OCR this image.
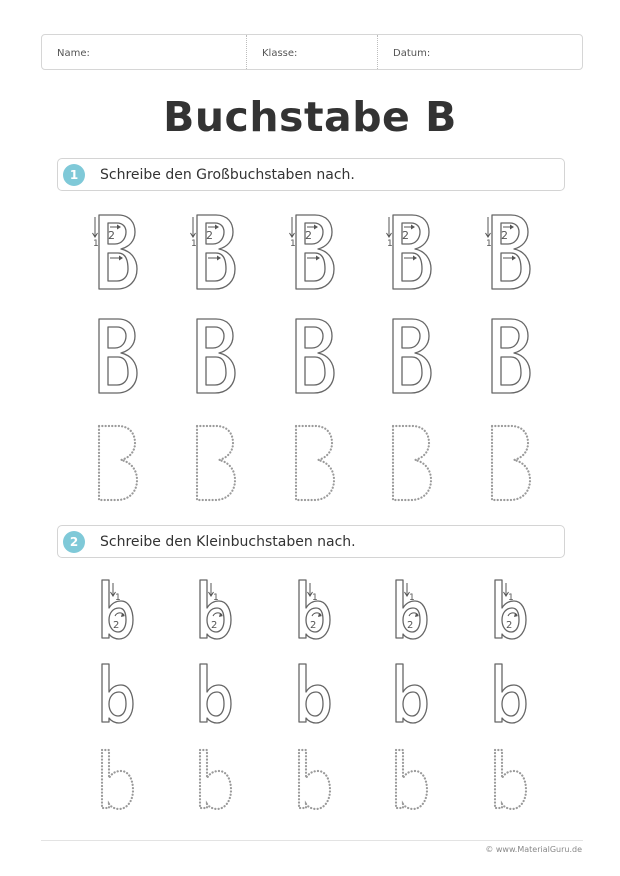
Name:	Klasse:	Datum:
Buchstabe B
1	Schreibe den Großbuchstaben nach.
1
2
1
2
1
2
1
2
1
2
2	Schreibe den Kleinbuchstaben nach.
1
2
1
2
1
2
1
2
1
2
© www.MaterialGuru.de
